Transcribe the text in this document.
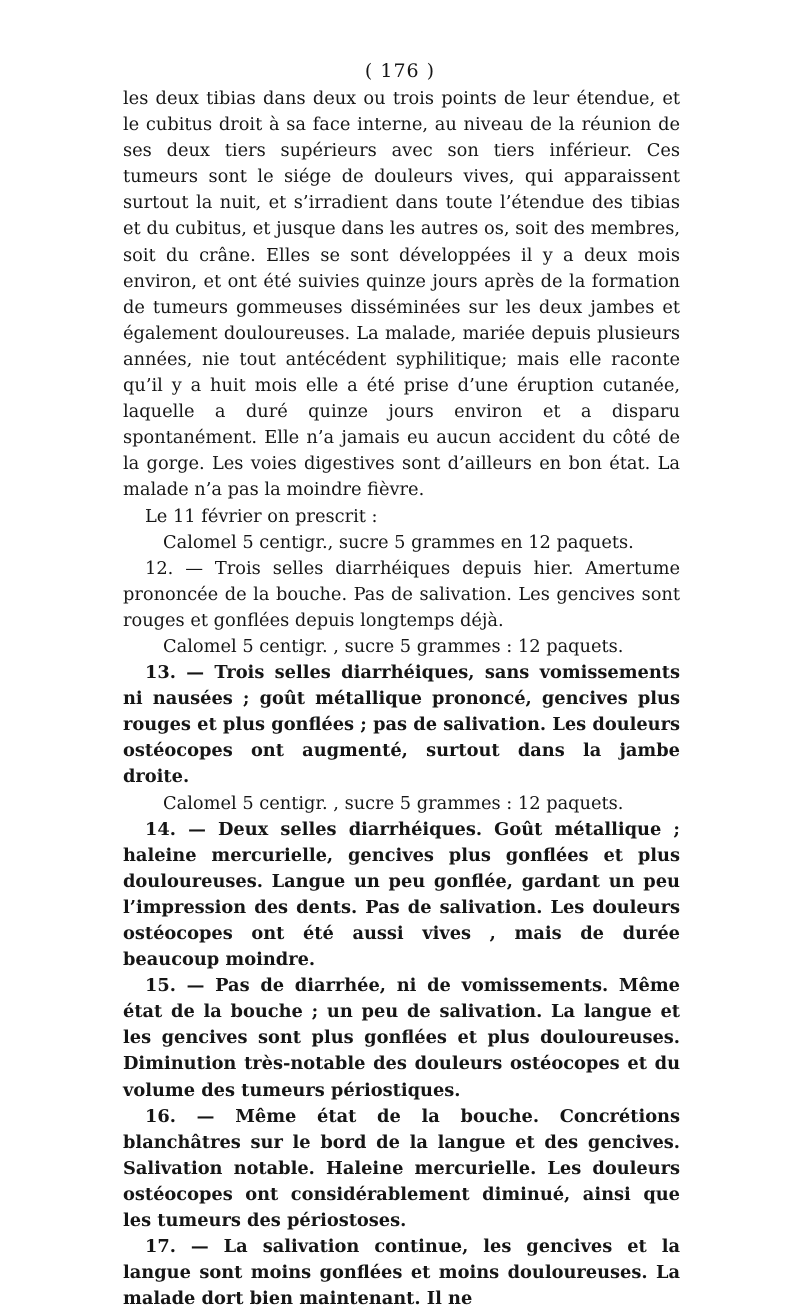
( 176 )

les deux tibias dans deux ou trois points de leur étendue, et le cubitus droit à sa face interne, au niveau de la réunion de ses deux tiers supérieurs avec son tiers inférieur. Ces tumeurs sont le siége de douleurs vives, qui apparaissent surtout la nuit, et s’irradient dans toute l’étendue des tibias et du cubitus, et jusque dans les autres os, soit des membres, soit du crâne. Elles se sont développées il y a deux mois environ, et ont été suivies quinze jours après de la formation de tumeurs gommeuses disséminées sur les deux jambes et également douloureuses. La malade, mariée depuis plusieurs années, nie tout antécédent syphilitique; mais elle raconte qu’il y a huit mois elle a été prise d’une éruption cutanée, laquelle a duré quinze jours environ et a disparu spontanément. Elle n’a jamais eu aucun accident du côté de la gorge. Les voies digestives sont d’ailleurs en bon état. La malade n’a pas la moindre fièvre.

Le 11 février on prescrit :

Calomel 5 centigr., sucre 5 grammes en 12 paquets.

12. — Trois selles diarrhéiques depuis hier. Amertume prononcée de la bouche. Pas de salivation. Les gencives sont rouges et gonflées depuis longtemps déjà.

Calomel 5 centigr. , sucre 5 grammes : 12 paquets.

13. — Trois selles diarrhéiques, sans vomissements ni nausées ; goût métallique prononcé, gencives plus rouges et plus gonflées ; pas de salivation. Les douleurs ostéocopes ont augmenté, surtout dans la jambe droite.

Calomel 5 centigr. , sucre 5 grammes : 12 paquets.

14. — Deux selles diarrhéiques. Goût métallique ; haleine mercurielle, gencives plus gonflées et plus douloureuses. Langue un peu gonflée, gardant un peu l’impression des dents. Pas de salivation. Les douleurs ostéocopes ont été aussi vives , mais de durée beaucoup moindre.

15. — Pas de diarrhée, ni de vomissements. Même état de la bouche ; un peu de salivation. La langue et les gencives sont plus gonflées et plus douloureuses. Diminution très-notable des douleurs ostéocopes et du volume des tumeurs périostiques.

16. — Même état de la bouche. Concrétions blanchâtres sur le bord de la langue et des gencives. Salivation notable. Haleine mercurielle. Les douleurs ostéocopes ont considérablement diminué, ainsi que les tumeurs des périostoses.

17. — La salivation continue, les gencives et la langue sont moins gonflées et moins douloureuses. La malade dort bien maintenant. Il ne
